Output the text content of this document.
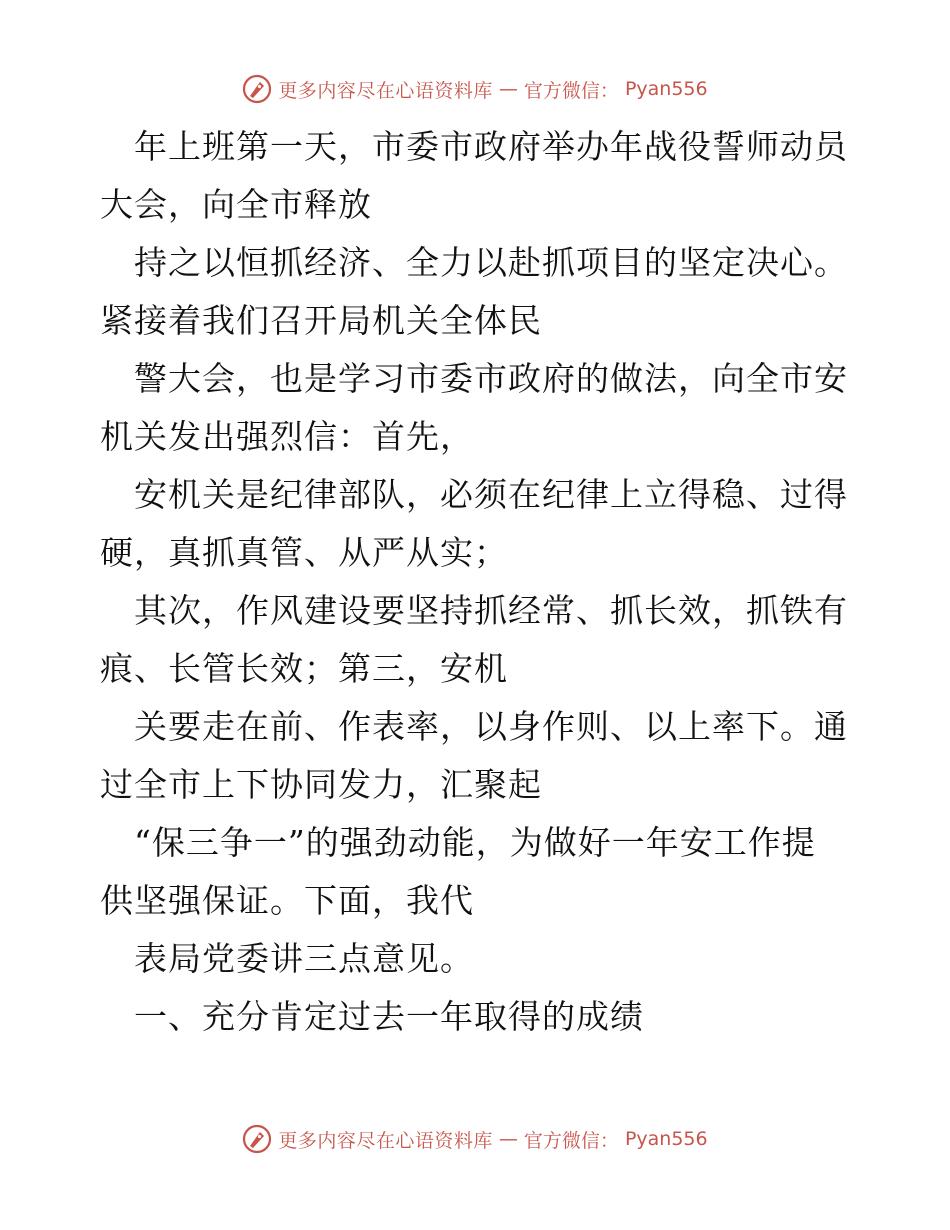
更多内容尽在心语资料库 — 官方微信： Pyan556

年上班第一天，市委市政府举办年战役誓师动员

大会，向全市释放

持之以恒抓经济、全力以赴抓项目的坚定决心。

紧接着我们召开局机关全体民

警大会，也是学习市委市政府的做法，向全市安

机关发出强烈信：首先，

安机关是纪律部队，必须在纪律上立得稳、过得

硬，真抓真管、从严从实；

其次，作风建设要坚持抓经常、抓长效，抓铁有

痕、长管长效；第三，安机

关要走在前、作表率，以身作则、以上率下。通

过全市上下协同发力，汇聚起

“保三争一”的强劲动能，为做好一年安工作提

供坚强保证。下面，我代

表局党委讲三点意见。

一、充分肯定过去一年取得的成绩

更多内容尽在心语资料库 — 官方微信： Pyan556
